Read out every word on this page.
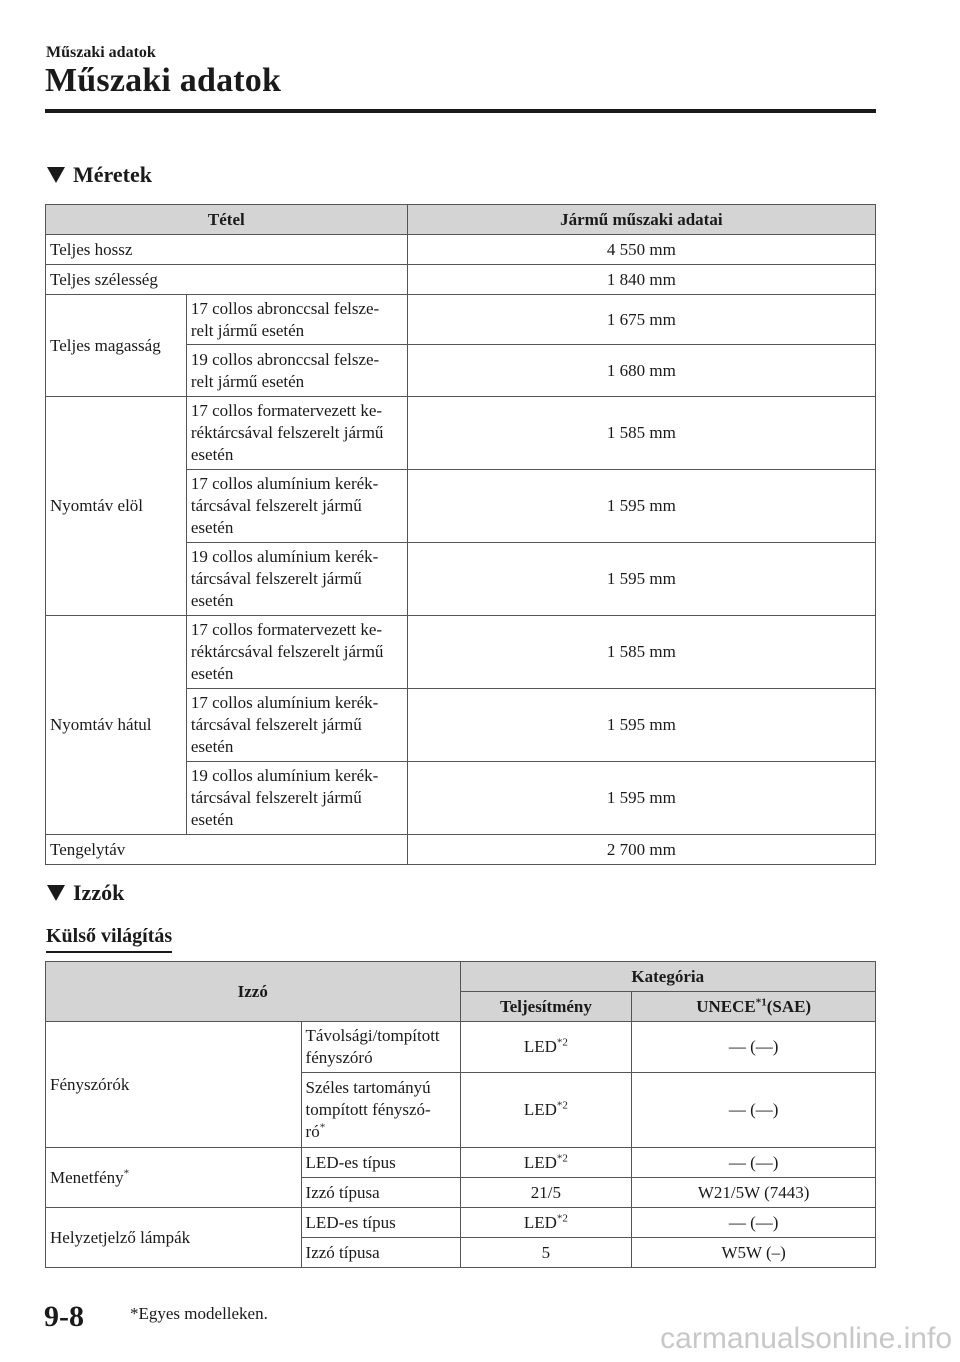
Műszaki adatok
Műszaki adatok
Méretek
Tétel		Jármű műszaki adatai
Teljes hossz		4 550 mm
Teljes szélesség		1 840 mm
Teljes magasság	17 collos abronccsal felsze-
relt jármű esetén	1 675 mm
	19 collos abronccsal felsze-
relt jármű esetén	1 680 mm
Nyomtáv elöl	17 collos formatervezett ke-
réktárcsával felszerelt jármű
esetén	1 585 mm
	17 collos alumínium kerék-
tárcsával felszerelt jármű
esetén	1 595 mm
	19 collos alumínium kerék-
tárcsával felszerelt jármű
esetén	1 595 mm
Nyomtáv hátul	17 collos formatervezett ke-
réktárcsával felszerelt jármű
esetén	1 585 mm
	17 collos alumínium kerék-
tárcsával felszerelt jármű
esetén	1 595 mm
	19 collos alumínium kerék-
tárcsával felszerelt jármű
esetén	1 595 mm
Tengelytáv		2 700 mm
Izzók
Külső világítás
Izzó		Kategória	
		Teljesítmény	UNECE$^{*1}$(SAE)
Fényszórók	Távolsági/tompított
fényszóró	LED$^{*2}$	― (―)
	Széles tartományú
tompított fényszó-
ró*	LED$^{*2}$	― (―)
Menetfény*	LED-es típus	LED$^{*2}$	― (―)
	Izzó típusa	21/5	W21/5W (7443)
Helyzetjelző lámpák	LED-es típus	LED$^{*2}$	― (―)
	Izzó típusa	5	W5W (–)
9-8	*Egyes modelleken.
carmanualsonline.info
